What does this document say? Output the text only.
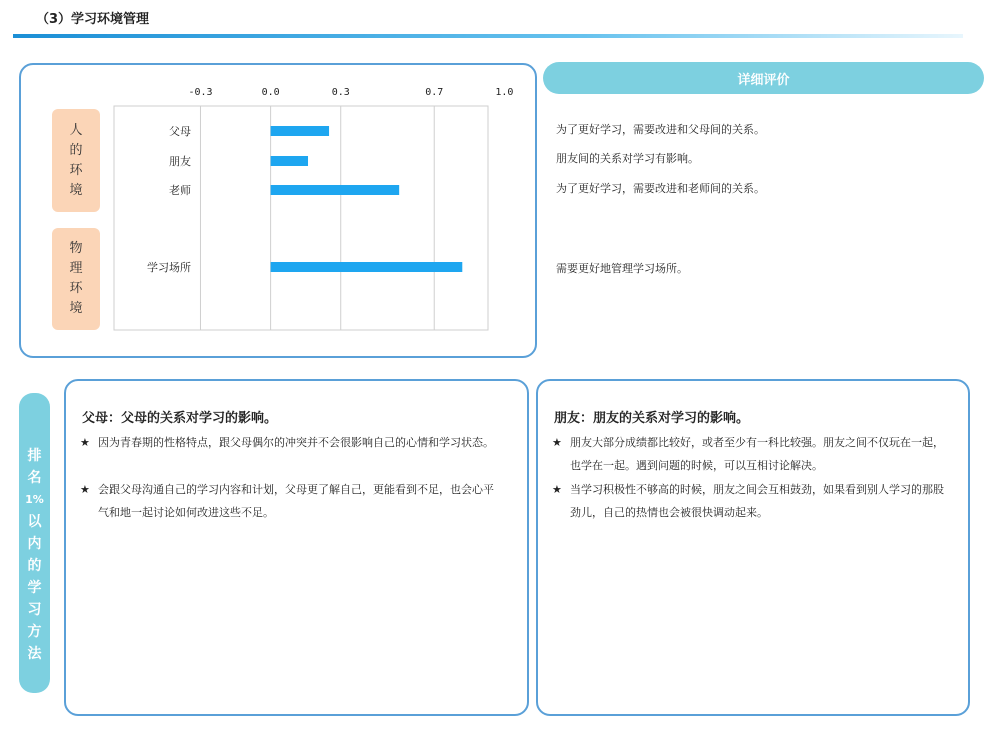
（3）学习环境管理
人
的
环
境
物
理
环
境
-0.3	0.0	0.3	0.7	1.0
父母
朋友
老师
学习场所
详细评价
为了更好学习，需要改进和父母间的关系。
朋友间的关系对学习有影响。
为了更好学习，需要改进和老师间的关系。
需要更好地管理学习场所。
排
名
1%
以
内
的
学
习
方
法
父母：父母的关系对学习的影响。
★ 因为青春期的性格特点，跟父母偶尔的冲突并不会很影响自己的心情和学习状态。
★ 会跟父母沟通自己的学习内容和计划，父母更了解自己，更能看到不足，也会心平气和地一起讨论如何改进这些不足。
朋友：朋友的关系对学习的影响。
★ 朋友大部分成绩都比较好，或者至少有一科比较强。朋友之间不仅玩在一起，也学在一起。遇到问题的时候，可以互相讨论解决。
★ 当学习积极性不够高的时候，朋友之间会互相鼓劲，如果看到别人学习的那股劲儿，自己的热情也会被很快调动起来。
